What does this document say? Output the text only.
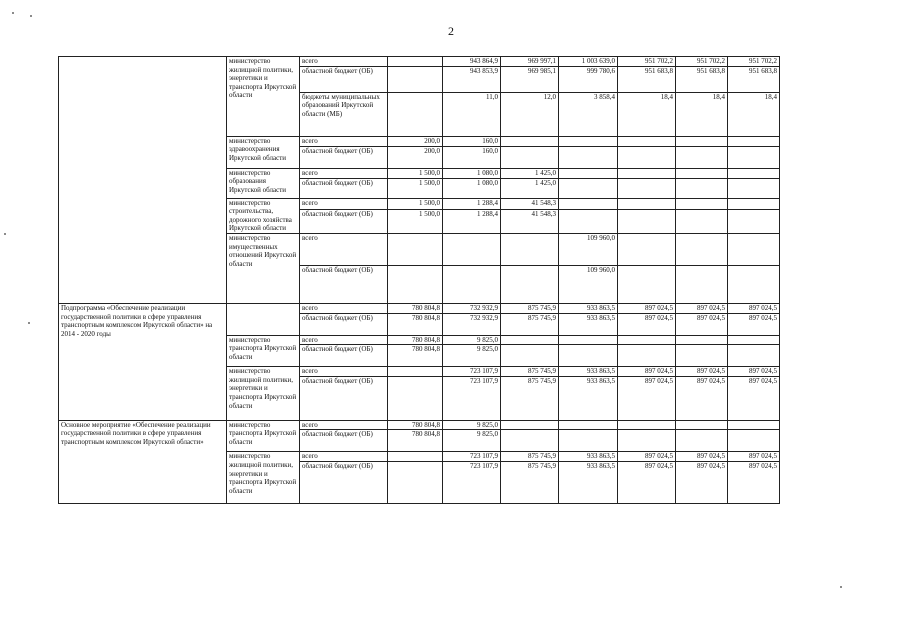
2
	министерство жилищной политики, энергетики и транспорта Иркутской области	всего		943 864,9	969 997,1	1 003 639,0	951 702,2	951 702,2	951 702,2
		областной бюджет (ОБ)		943 853,9	969 985,1	999 780,6	951 683,8	951 683,8	951 683,8
		бюджеты муниципальных образований Иркутской области (МБ)		11,0	12,0	3 858,4	18,4	18,4	18,4
	министерство здравоохранения Иркутской области	всего	200,0	160,0					
		областной бюджет (ОБ)	200,0	160,0					
	министерство образования Иркутской области	всего	1 500,0	1 080,0	1 425,0				
		областной бюджет (ОБ)	1 500,0	1 080,0	1 425,0				
	министерство строительства, дорожного хозяйства Иркутской области	всего	1 500,0	1 288,4	41 548,3				
		областной бюджет (ОБ)	1 500,0	1 288,4	41 548,3				
	министерство имущественных отношений Иркутской области	всего				109 960,0			
		областной бюджет (ОБ)				109 960,0			
Подпрограмма «Обеспечение реализации государственной политики в сфере управления транспортным комплексом Иркутской области» на 2014 - 2020 годы		всего	780 804,8	732 932,9	875 745,9	933 863,5	897 024,5	897 024,5	897 024,5
		областной бюджет (ОБ)	780 804,8	732 932,9	875 745,9	933 863,5	897 024,5	897 024,5	897 024,5
	министерство транспорта Иркутской области	всего	780 804,8	9 825,0					
		областной бюджет (ОБ)	780 804,8	9 825,0					
	министерство жилищной политики, энергетики и транспорта Иркутской области	всего		723 107,9	875 745,9	933 863,5	897 024,5	897 024,5	897 024,5
		областной бюджет (ОБ)		723 107,9	875 745,9	933 863,5	897 024,5	897 024,5	897 024,5
Основное мероприятие «Обеспечение реализации государственной политики в сфере управления транспортным комплексом Иркутской области»	министерство транспорта Иркутской области	всего	780 804,8	9 825,0					
		областной бюджет (ОБ)	780 804,8	9 825,0					
	министерство жилищной политики, энергетики и транспорта Иркутской области	всего		723 107,9	875 745,9	933 863,5	897 024,5	897 024,5	897 024,5
		областной бюджет (ОБ)		723 107,9	875 745,9	933 863,5	897 024,5	897 024,5	897 024,5
